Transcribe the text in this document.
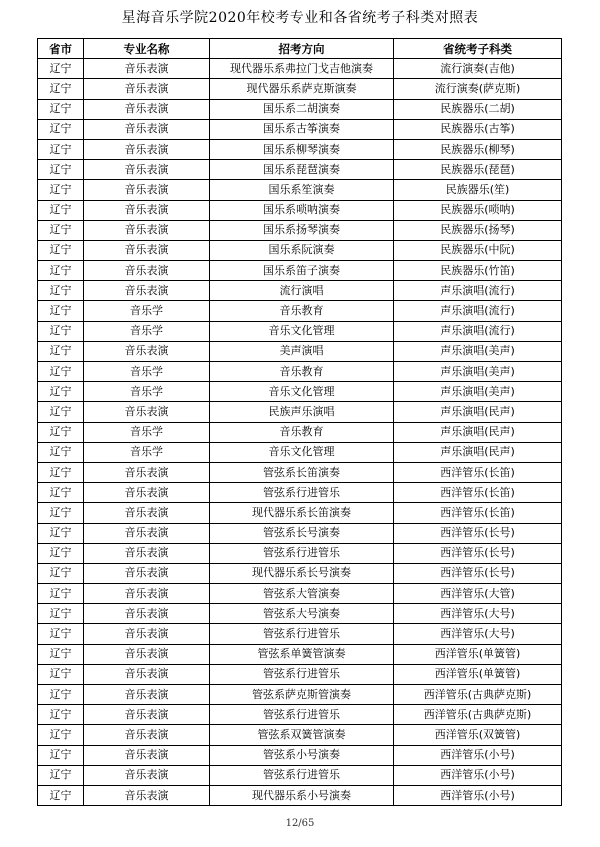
星海音乐学院2020年校考专业和各省统考子科类对照表
省市	专业名称	招考方向	省统考子科类
辽宁	音乐表演	现代器乐系弗拉门戈吉他演奏	流行演奏(吉他)
辽宁	音乐表演	现代器乐系萨克斯演奏	流行演奏(萨克斯)
辽宁	音乐表演	国乐系二胡演奏	民族器乐(二胡)
辽宁	音乐表演	国乐系古筝演奏	民族器乐(古筝)
辽宁	音乐表演	国乐系柳琴演奏	民族器乐(柳琴)
辽宁	音乐表演	国乐系琵琶演奏	民族器乐(琵琶)
辽宁	音乐表演	国乐系笙演奏	民族器乐(笙)
辽宁	音乐表演	国乐系唢呐演奏	民族器乐(唢呐)
辽宁	音乐表演	国乐系扬琴演奏	民族器乐(扬琴)
辽宁	音乐表演	国乐系阮演奏	民族器乐(中阮)
辽宁	音乐表演	国乐系笛子演奏	民族器乐(竹笛)
辽宁	音乐表演	流行演唱	声乐演唱(流行)
辽宁	音乐学	音乐教育	声乐演唱(流行)
辽宁	音乐学	音乐文化管理	声乐演唱(流行)
辽宁	音乐表演	美声演唱	声乐演唱(美声)
辽宁	音乐学	音乐教育	声乐演唱(美声)
辽宁	音乐学	音乐文化管理	声乐演唱(美声)
辽宁	音乐表演	民族声乐演唱	声乐演唱(民声)
辽宁	音乐学	音乐教育	声乐演唱(民声)
辽宁	音乐学	音乐文化管理	声乐演唱(民声)
辽宁	音乐表演	管弦系长笛演奏	西洋管乐(长笛)
辽宁	音乐表演	管弦系行进管乐	西洋管乐(长笛)
辽宁	音乐表演	现代器乐系长笛演奏	西洋管乐(长笛)
辽宁	音乐表演	管弦系长号演奏	西洋管乐(长号)
辽宁	音乐表演	管弦系行进管乐	西洋管乐(长号)
辽宁	音乐表演	现代器乐系长号演奏	西洋管乐(长号)
辽宁	音乐表演	管弦系大管演奏	西洋管乐(大管)
辽宁	音乐表演	管弦系大号演奏	西洋管乐(大号)
辽宁	音乐表演	管弦系行进管乐	西洋管乐(大号)
辽宁	音乐表演	管弦系单簧管演奏	西洋管乐(单簧管)
辽宁	音乐表演	管弦系行进管乐	西洋管乐(单簧管)
辽宁	音乐表演	管弦系萨克斯管演奏	西洋管乐(古典萨克斯)
辽宁	音乐表演	管弦系行进管乐	西洋管乐(古典萨克斯)
辽宁	音乐表演	管弦系双簧管演奏	西洋管乐(双簧管)
辽宁	音乐表演	管弦系小号演奏	西洋管乐(小号)
辽宁	音乐表演	管弦系行进管乐	西洋管乐(小号)
辽宁	音乐表演	现代器乐系小号演奏	西洋管乐(小号)
12/65
